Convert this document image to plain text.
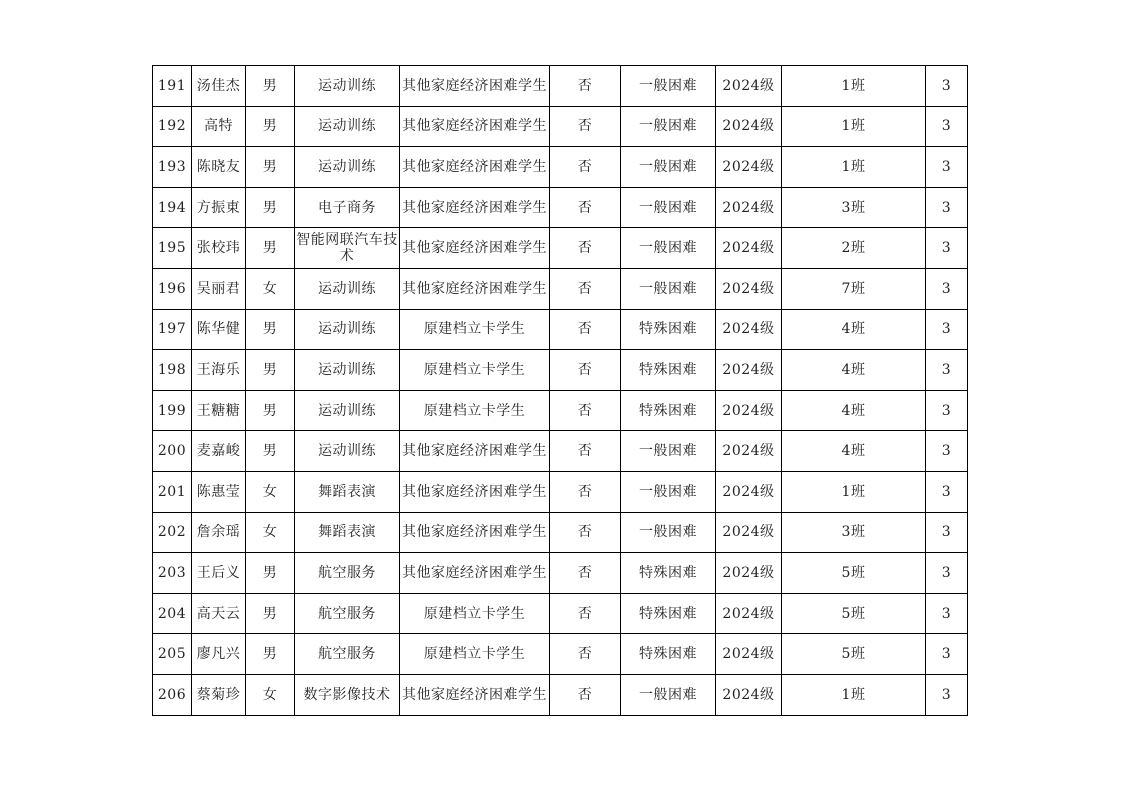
191	汤佳杰	男	运动训练	其他家庭经济困难学生	否	一般困难	2024级	1班	3
192	高特	男	运动训练	其他家庭经济困难学生	否	一般困难	2024级	1班	3
193	陈晓友	男	运动训练	其他家庭经济困难学生	否	一般困难	2024级	1班	3
194	方振東	男	电子商务	其他家庭经济困难学生	否	一般困难	2024级	3班	3
195	张校玮	男	智能网联汽车技术	其他家庭经济困难学生	否	一般困难	2024级	2班	3
196	吴丽君	女	运动训练	其他家庭经济困难学生	否	一般困难	2024级	7班	3
197	陈华健	男	运动训练	原建档立卡学生	否	特殊困难	2024级	4班	3
198	王海乐	男	运动训练	原建档立卡学生	否	特殊困难	2024级	4班	3
199	王糖糖	男	运动训练	原建档立卡学生	否	特殊困难	2024级	4班	3
200	麦嘉峻	男	运动训练	其他家庭经济困难学生	否	一般困难	2024级	4班	3
201	陈惠莹	女	舞蹈表演	其他家庭经济困难学生	否	一般困难	2024级	1班	3
202	詹余瑶	女	舞蹈表演	其他家庭经济困难学生	否	一般困难	2024级	3班	3
203	王后义	男	航空服务	其他家庭经济困难学生	否	特殊困难	2024级	5班	3
204	高天云	男	航空服务	原建档立卡学生	否	特殊困难	2024级	5班	3
205	廖凡兴	男	航空服务	原建档立卡学生	否	特殊困难	2024级	5班	3
206	蔡菊珍	女	数字影像技术	其他家庭经济困难学生	否	一般困难	2024级	1班	3
